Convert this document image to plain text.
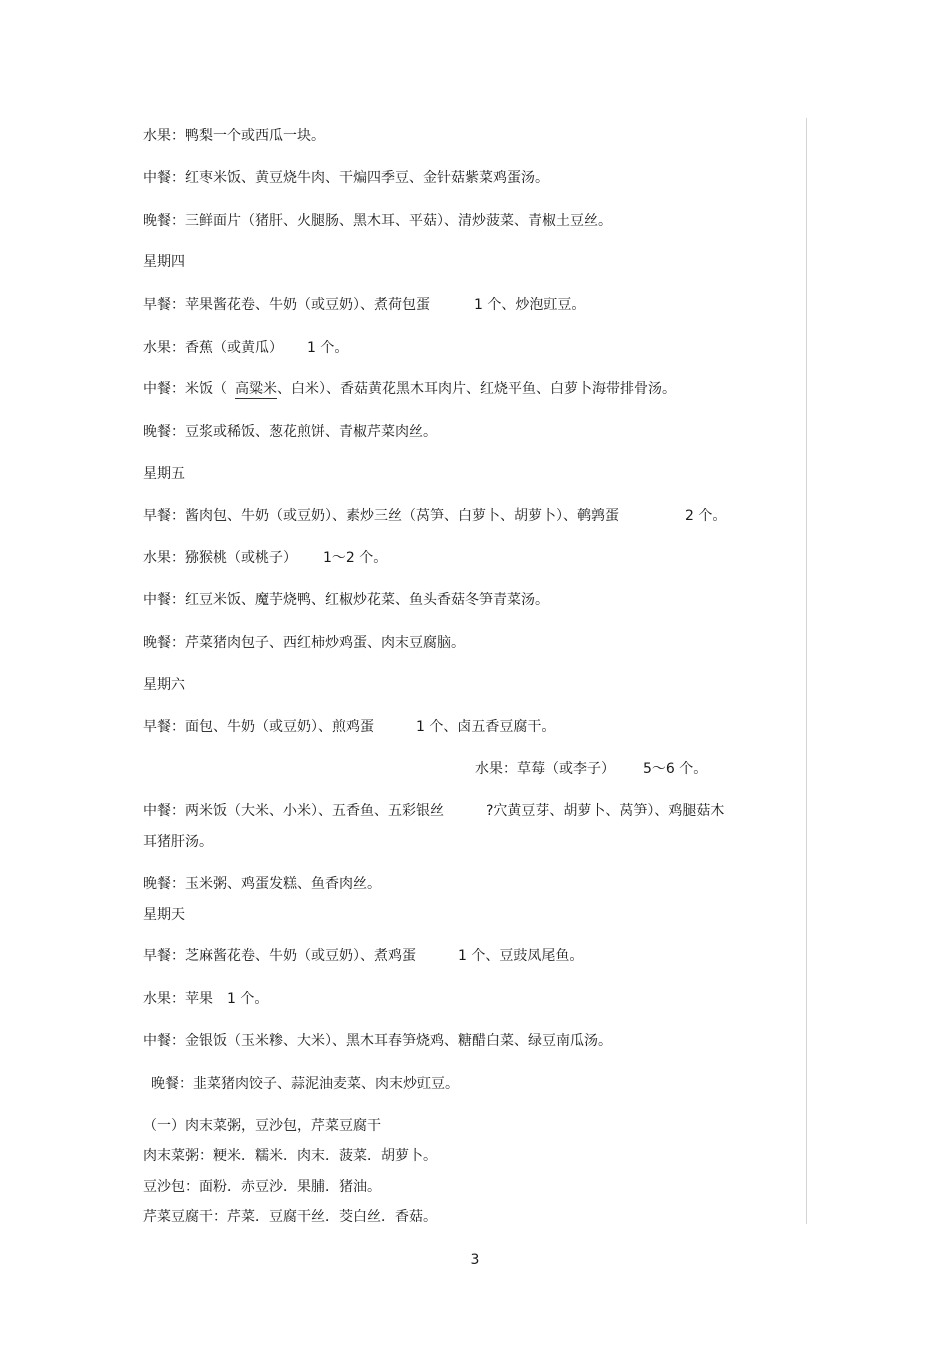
水果：鸭梨一个或西瓜一块。
中餐：红枣米饭、黄豆烧牛肉、干煸四季豆、金针菇紫菜鸡蛋汤。
晚餐：三鲜面片（猪肝、火腿肠、黑木耳、平菇）、清炒菠菜、青椒土豆丝。
星期四
早餐：苹果酱花卷、牛奶（或豆奶）、煮荷包蛋	1 个、炒泡豇豆。
水果：香蕉（或黄瓜） 1 个。
中餐：米饭（ 高粱米、白米）、香菇黄花黑木耳肉片、红烧平鱼、白萝卜海带排骨汤。
晚餐：豆浆或稀饭、葱花煎饼、青椒芹菜肉丝。
星期五
早餐：酱肉包、牛奶（或豆奶）、素炒三丝（莴笋、白萝卜、胡萝卜）、鹌鹑蛋	2 个。
水果：猕猴桃（或桃子） 1～2 个。
中餐：红豆米饭、魔芋烧鸭、红椒炒花菜、鱼头香菇冬笋青菜汤。
晚餐：芹菜猪肉包子、西红柿炒鸡蛋、肉末豆腐脑。
星期六
早餐：面包、牛奶（或豆奶）、煎鸡蛋	1 个、卤五香豆腐干。
水果：草莓（或李子） 5～6 个。
中餐：两米饭（大米、小米）、五香鱼、五彩银丝	?穴黄豆芽、胡萝卜、莴笋）、鸡腿菇木
耳猪肝汤。
晚餐：玉米粥、鸡蛋发糕、鱼香肉丝。
星期天
早餐：芝麻酱花卷、牛奶（或豆奶）、煮鸡蛋	1 个、豆豉凤尾鱼。
水果：苹果 1 个。
中餐：金银饭（玉米糁、大米）、黑木耳春笋烧鸡、糖醋白菜、绿豆南瓜汤。
晚餐：韭菜猪肉饺子、蒜泥油麦菜、肉末炒豇豆。
（一）肉末菜粥，豆沙包，芹菜豆腐干
肉末菜粥：粳米．糯米．肉末．菠菜．胡萝卜。
豆沙包：面粉．赤豆沙．果脯．猪油。
芹菜豆腐干：芹菜．豆腐干丝．茭白丝．香菇。
3
